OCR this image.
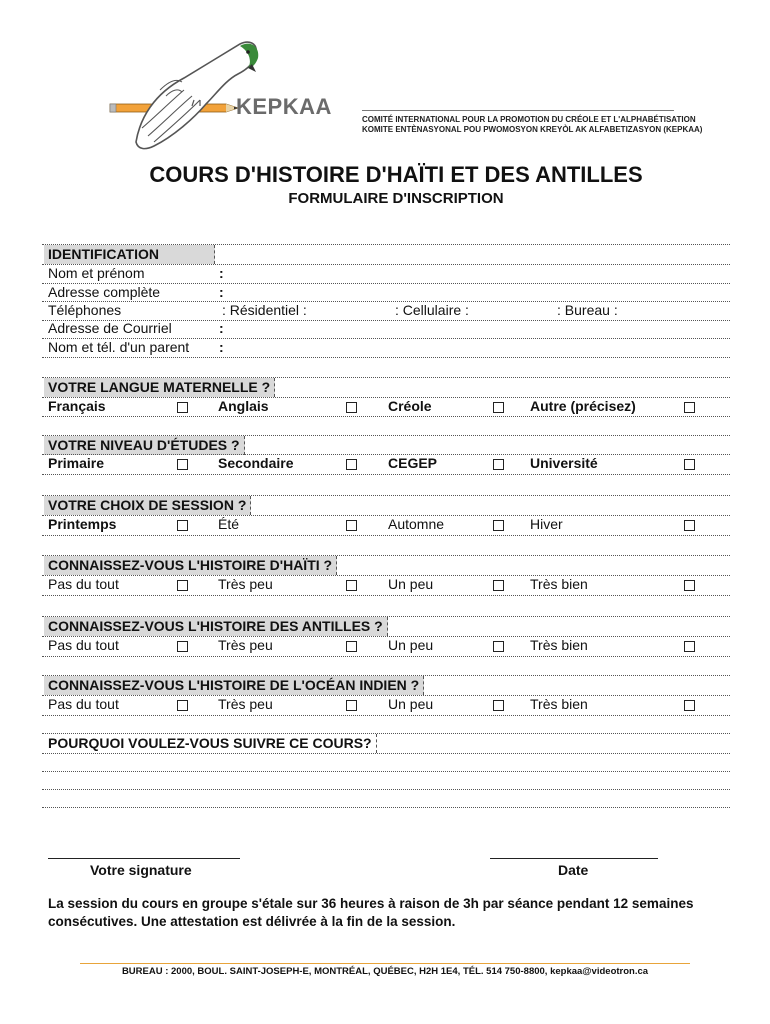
KEPKAA
COMITÉ INTERNATIONAL POUR LA PROMOTION DU CRÉOLE ET L'ALPHABÉTISATION
KOMITE ENTÈNASYONAL POU PWOMOSYON KREYÒL AK ALFABETIZASYON (KEPKAA)
COURS D'HISTOIRE D'HAÏTI ET DES ANTILLES
FORMULAIRE D'INSCRIPTION
IDENTIFICATION
Nom et prénom	:
Adresse complète	:
Téléphones	: Résidentiel :	: Cellulaire :	: Bureau :
Adresse de Courriel	:
Nom et tél. d'un parent :
VOTRE LANGUE MATERNELLE ?
Français	Anglais	Créole	Autre (précisez)
VOTRE NIVEAU D'ÉTUDES ?
Primaire	Secondaire	CEGEP	Université
VOTRE CHOIX DE SESSION ?
Printemps	Été	Automne	Hiver
CONNAISSEZ-VOUS L'HISTOIRE D'HAÏTI ?
Pas du tout	Très peu	Un peu	Très bien
CONNAISSEZ-VOUS L'HISTOIRE DES ANTILLES ?
Pas du tout	Très peu	Un peu	Très bien
CONNAISSEZ-VOUS L'HISTOIRE DE L'OCÉAN INDIEN ?
Pas du tout	Très peu	Un peu	Très bien
POURQUOI VOULEZ-VOUS SUIVRE CE COURS?
Votre signature	Date
La session du cours en groupe s'étale sur 36 heures à raison de 3h par séance pendant 12 semaines consécutives. Une attestation est délivrée à la fin de la session.
BUREAU : 2000, BOUL. SAINT-JOSEPH-E, MONTRÉAL, QUÉBEC, H2H 1E4, TÉL. 514 750-8800, kepkaa@videotron.ca
